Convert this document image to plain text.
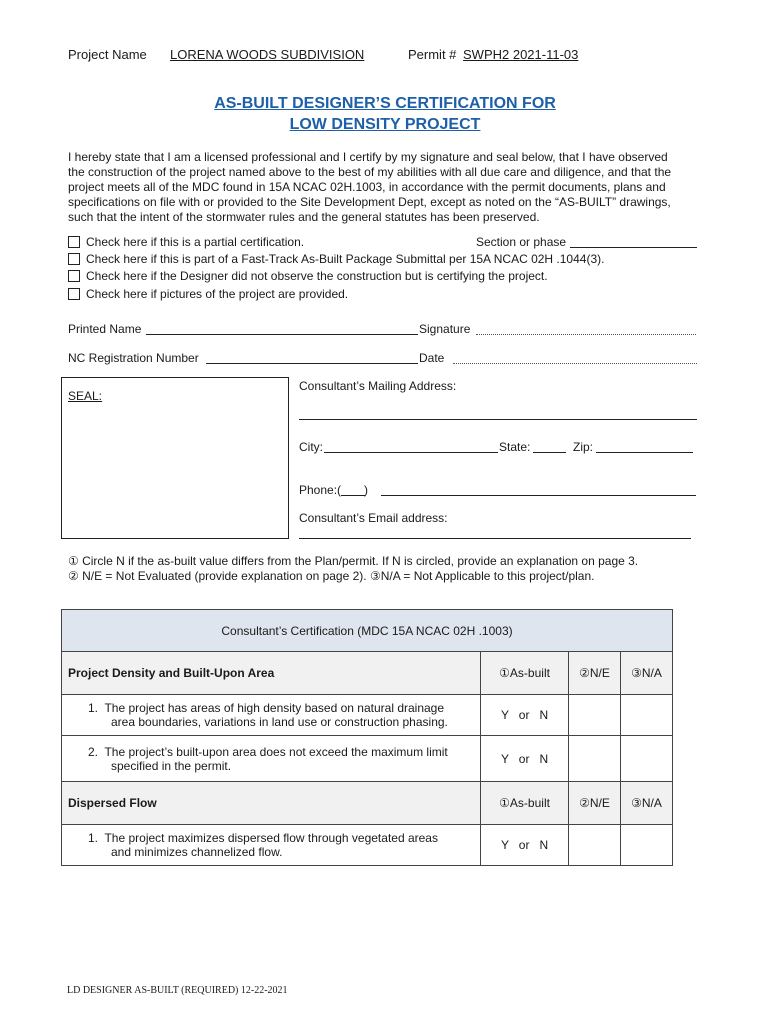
Project Name LORENA WOODS SUBDIVISION	Permit # SWPH2 2021-11-03
AS-BUILT DESIGNER’S CERTIFICATION FOR
LOW DENSITY PROJECT
I hereby state that I am a licensed professional and I certify by my signature and seal below, that I have observed
the construction of the project named above to the best of my abilities with all due care and diligence, and that the
project meets all of the MDC found in 15A NCAC 02H.1003, in accordance with the permit documents, plans and
specifications on file with or provided to the Site Development Dept, except as noted on the “AS-BUILT” drawings,
such that the intent of the stormwater rules and the general statutes has been preserved.
Check here if this is a partial certification.	Section or phase
Check here if this is part of a Fast-Track As-Built Package Submittal per 15A NCAC 02H .1044(3).
Check here if the Designer did not observe the construction but is certifying the project.
Check here if pictures of the project are provided.
Printed Name	Signature
NC Registration Number	Date
SEAL:
Consultant’s Mailing Address:
City:	State:	Zip:
Phone:( )
Consultant’s Email address:
① Circle N if the as-built value differs from the Plan/permit. If N is circled, provide an explanation on page 3.
② N/E = Not Evaluated (provide explanation on page 2). ③N/A = Not Applicable to this project/plan.
Consultant’s Certification (MDC 15A NCAC 02H .1003)			
Project Density and Built-Upon Area	①As-built	②N/E	③N/A
1. The project has areas of high density based on natural drainage
area boundaries, variations in land use or construction phasing.	Y   or   N		
2. The project’s built-upon area does not exceed the maximum limit
specified in the permit.	Y   or   N		
Dispersed Flow	①As-built	②N/E	③N/A
1. The project maximizes dispersed flow through vegetated areas
and minimizes channelized flow.	Y   or   N		
LD DESIGNER AS-BUILT (REQUIRED) 12-22-2021
